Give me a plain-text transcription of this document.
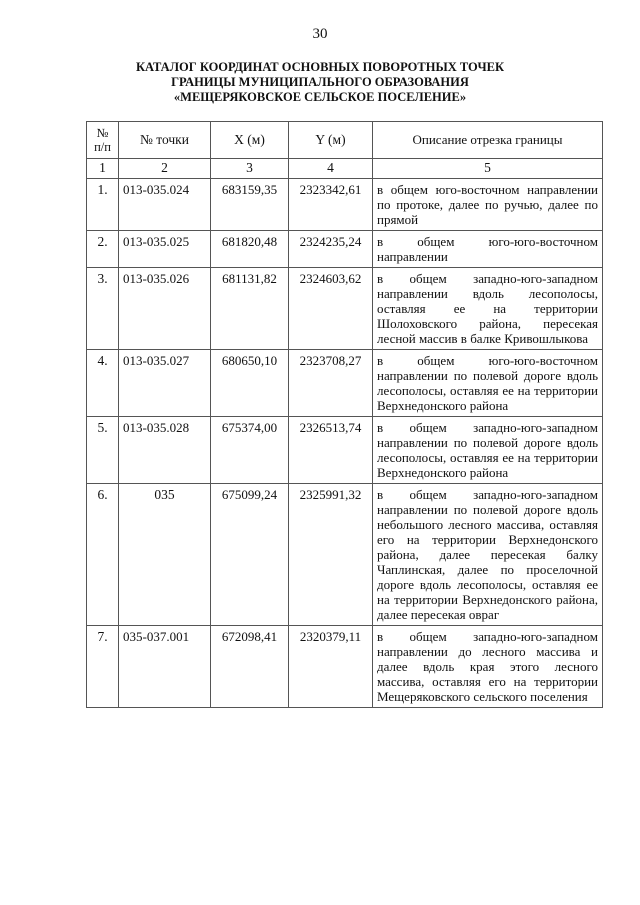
30
КАТАЛОГ КООРДИНАТ ОСНОВНЫХ ПОВОРОТНЫХ ТОЧЕК
ГРАНИЦЫ МУНИЦИПАЛЬНОГО ОБРАЗОВАНИЯ
«МЕЩЕРЯКОВСКОЕ СЕЛЬСКОЕ ПОСЕЛЕНИЕ»
№
п/п	№ точки	X (м)	Y (м)	Описание отрезка границы
1	2	3	4	5
1.	013-035.024	683159,35	2323342,61	в общем юго-восточном направлении по протоке, далее по ручью, далее по прямой
2.	013-035.025	681820,48	2324235,24	в общем юго-юго-восточном направлении
3.	013-035.026	681131,82	2324603,62	в общем западно-юго-западном направлении вдоль лесополосы, оставляя ее на территории Шолоховского района, пересекая лесной массив в балке Кривошлыкова
4.	013-035.027	680650,10	2323708,27	в общем юго-юго-восточном направлении по полевой дороге вдоль лесополосы, оставляя ее на территории Верхнедонского района
5.	013-035.028	675374,00	2326513,74	в общем западно-юго-западном направлении по полевой дороге вдоль лесополосы, оставляя ее на территории Верхнедонского района
6.	035	675099,24	2325991,32	в общем западно-юго-западном направлении по полевой дороге вдоль небольшого лесного массива, оставляя его на территории Верхнедонского района, далее пересекая балку Чаплинская, далее по проселочной дороге вдоль лесополосы, оставляя ее на территории Верхнедонского района, далее пересекая овраг
7.	035-037.001	672098,41	2320379,11	в общем западно-юго-западном направлении до лесного массива и далее вдоль края этого лесного массива, оставляя его на территории Мещеряковского сельского поселения
